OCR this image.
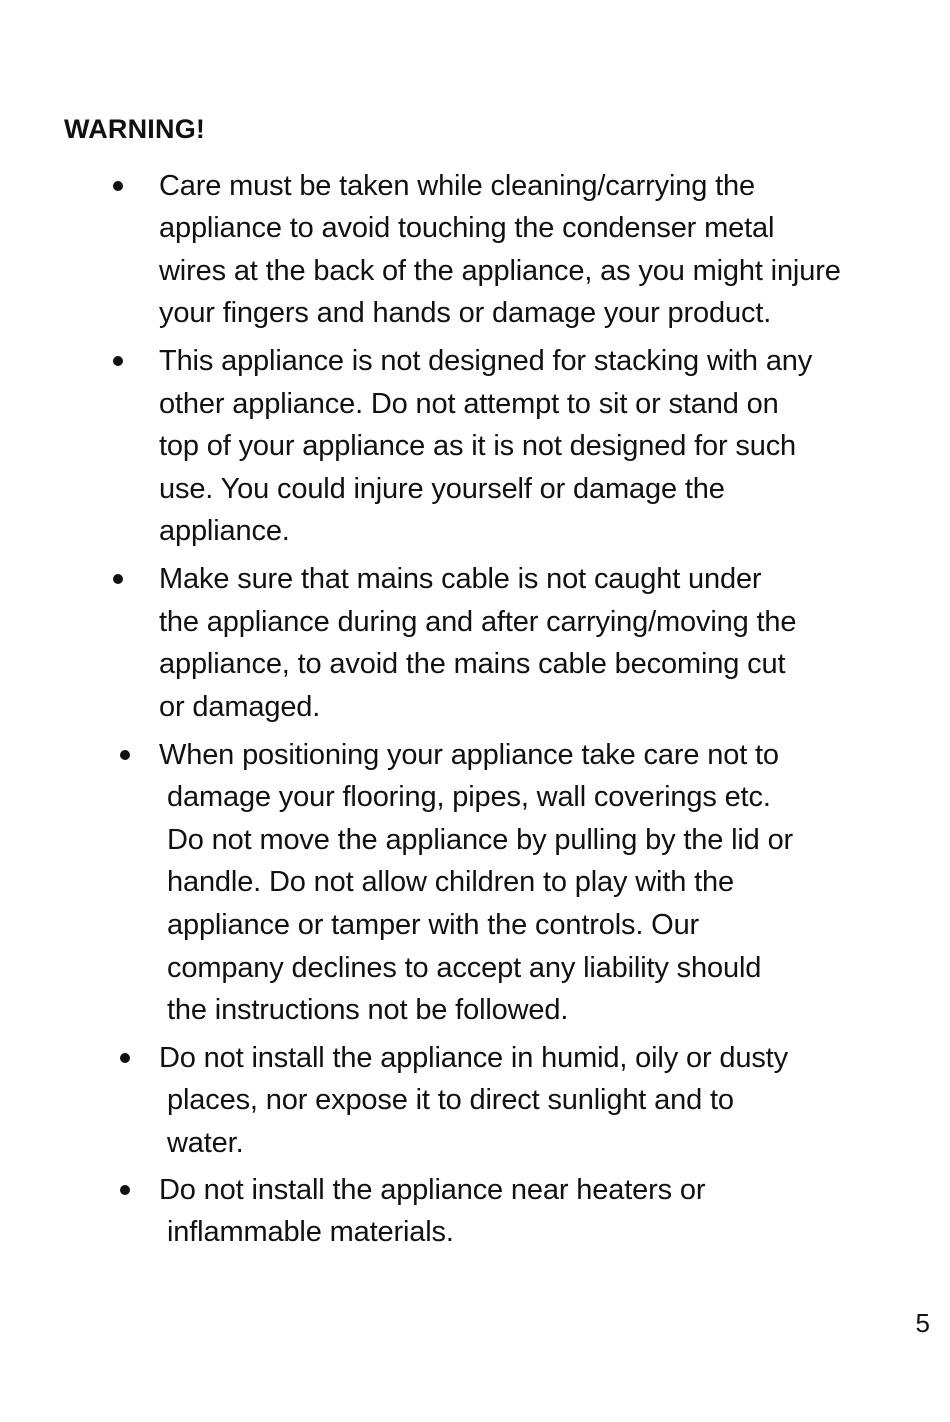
WARNING!
Care must be taken while cleaning/carrying the
appliance to avoid touching the condenser metal
wires at the back of the appliance, as you might injure
your fingers and hands or damage your product.
This appliance is not designed for stacking with any
other appliance. Do not attempt to sit or stand on
top of your appliance as it is not designed for such
use. You could injure yourself or damage the
appliance.
Make sure that mains cable is not caught under
the appliance during and after carrying/moving the
appliance, to avoid the mains cable becoming cut
or damaged.
When positioning your appliance take care not to
damage your flooring, pipes, wall coverings etc.
Do not move the appliance by pulling by the lid or
handle. Do not allow children to play with the
appliance or tamper with the controls. Our
company declines to accept any liability should
the instructions not be followed.
Do not install the appliance in humid, oily or dusty
places, nor expose it to direct sunlight and to
water.
Do not install the appliance near heaters or
inflammable materials.
5
